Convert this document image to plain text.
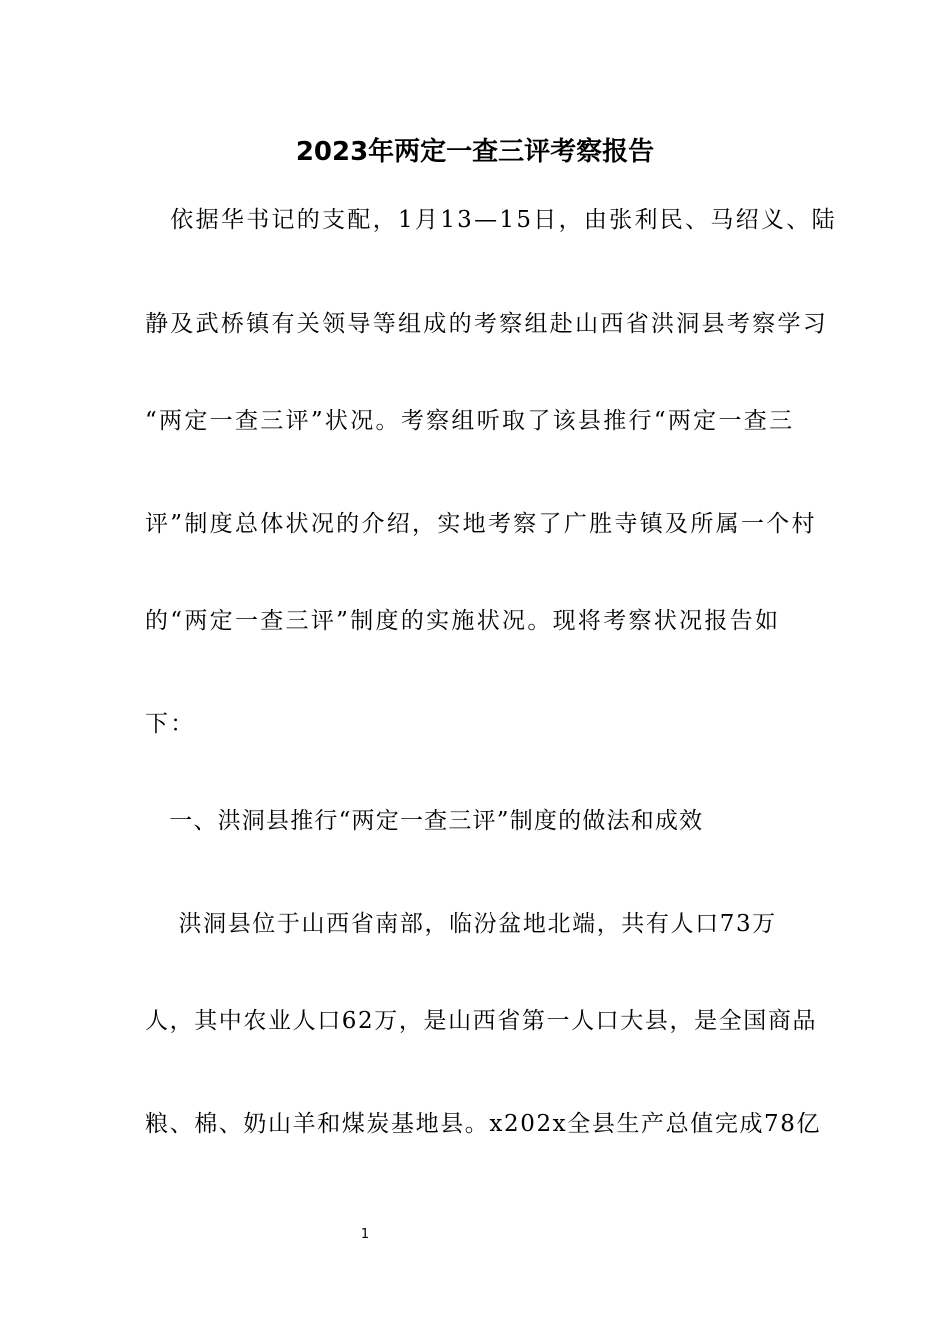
2023年两定一查三评考察报告
　依据华书记的支配，1月13—15日，由张利民、马绍义、陆
静及武桥镇有关领导等组成的考察组赴山西省洪洞县考察学习
“两定一查三评”状况。考察组听取了该县推行“两定一查三
评”制度总体状况的介绍，实地考察了广胜寺镇及所属一个村
的“两定一查三评”制度的实施状况。现将考察状况报告如
下：
　一、洪洞县推行“两定一查三评”制度的做法和成效
　 洪洞县位于山西省南部，临汾盆地北端，共有人口73万
人，其中农业人口62万，是山西省第一人口大县，是全国商品
粮、棉、奶山羊和煤炭基地县。x202x全县生产总值完成78亿
1
